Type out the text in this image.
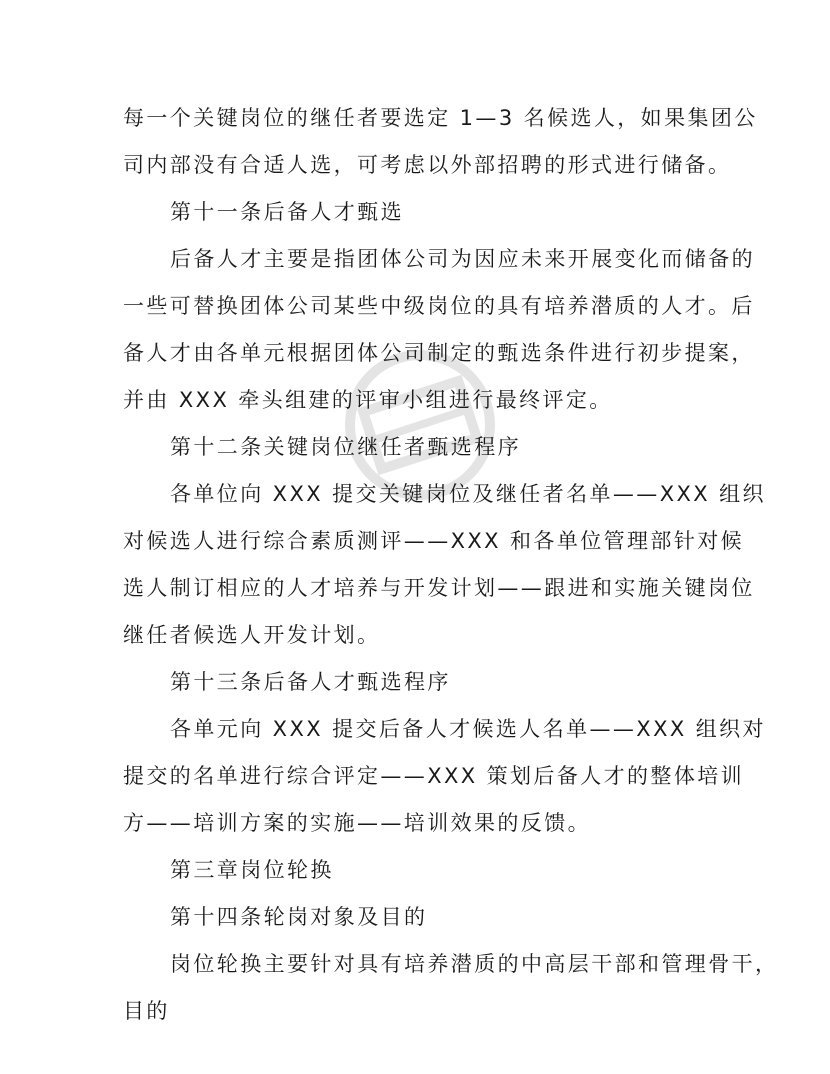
每一个关键岗位的继任者要选定 1—3 名候选人，如果集团公
司内部没有合适人选，可考虑以外部招聘的形式进行储备。
第十一条后备人才甄选
后备人才主要是指团体公司为因应未来开展变化而储备的
一些可替换团体公司某些中级岗位的具有培养潜质的人才。后
备人才由各单元根据团体公司制定的甄选条件进行初步提案，
并由 XXX 牵头组建的评审小组进行最终评定。
第十二条关键岗位继任者甄选程序
各单位向 XXX 提交关键岗位及继任者名单——XXX 组织
对候选人进行综合素质测评——XXX 和各单位管理部针对候
选人制订相应的人才培养与开发计划——跟进和实施关键岗位
继任者候选人开发计划。
第十三条后备人才甄选程序
各单元向 XXX 提交后备人才候选人名单——XXX 组织对
提交的名单进行综合评定——XXX 策划后备人才的整体培训
方——培训方案的实施——培训效果的反馈。
第三章岗位轮换
第十四条轮岗对象及目的
岗位轮换主要针对具有培养潜质的中高层干部和管理骨干，
目的
